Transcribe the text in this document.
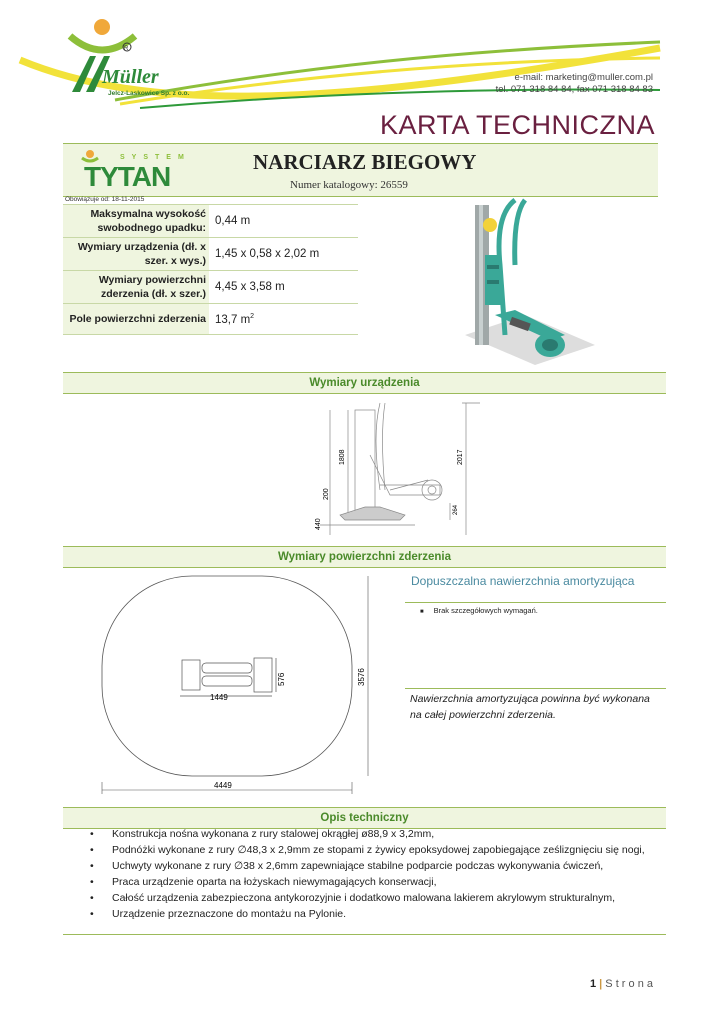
R
Müller
Jelcz-Laskowice Sp. z o.o.
e-mail: marketing@muller.com.pl
tel. 071 318 84 84, fax 071 318 84 83
KARTA TECHNICZNA
SYSTEM
TYTAN	NARCIARZ BIEGOWY
Numer katalogowy: 26559
Obowiązuje od: 18-11-2015
Maksymalna wysokość swobodnego upadku:	0,44 m
Wymiary urządzenia (dł. x szer. x wys.)	1,45 x 0,58 x 2,02 m
Wymiary powierzchni zderzenia (dł. x szer.)	4,45 x 3,58 m
Pole powierzchni zderzenia	13,7 $m^2$
Wymiary urządzenia
1808	2017
200
440
264
Wymiary powierzchni zderzenia
1449
576	3576
4449
Dopuszczalna nawierzchnia amortyzująca
■ Brak szczegółowych wymagań.
Nawierzchnia amortyzująca powinna być wykonana na całej powierzchni zderzenia.
Opis techniczny
• Konstrukcja nośna wykonana z rury stalowej okrągłej ø88,9 x 3,2mm,
• Podnóżki wykonane z rury ∅48,3 x 2,9mm ze stopami z żywicy epoksydowej zapobiegające ześlizgnięciu się nogi,
• Uchwyty wykonane z rury ∅38 x 2,6mm zapewniające stabilne podparcie podczas wykonywania ćwiczeń,
• Praca urządzenie oparta na łożyskach niewymagających konserwacji,
• Całość urządzenia zabezpieczona antykorozyjnie i dodatkowo malowana lakierem akrylowym strukturalnym,
• Urządzenie przeznaczone do montażu na Pylonie.
1 | S t r o n a
